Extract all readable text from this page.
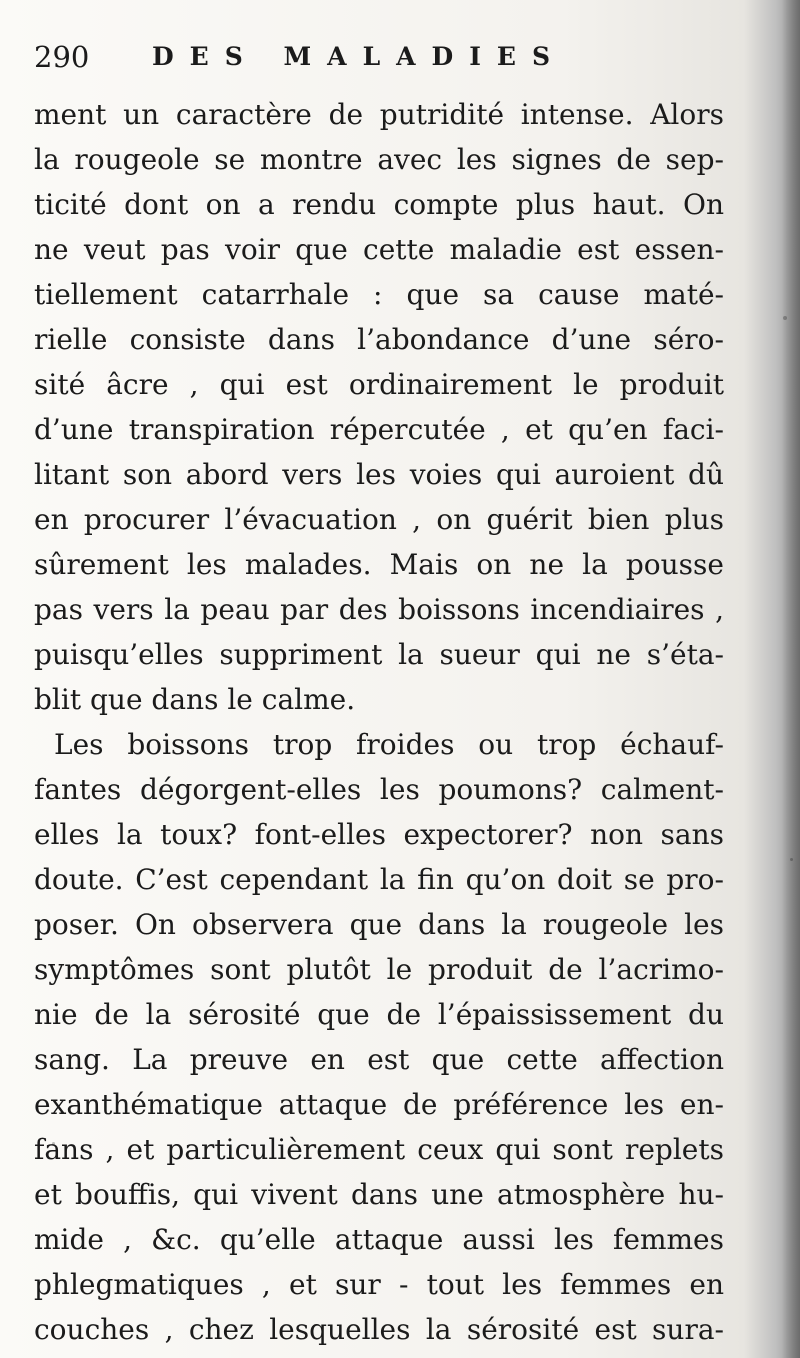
290	DES MALADIES
ment un caractère de putridité intense. Alors
la rougeole se montre avec les signes de sep-
ticité dont on a rendu compte plus haut. On
ne veut pas voir que cette maladie est essen-
tiellement catarrhale : que sa cause maté-
rielle consiste dans l’abondance d’une séro-
sité âcre , qui est ordinairement le produit
d’une transpiration répercutée , et qu’en faci-
litant son abord vers les voies qui auroient dû
en procurer l’évacuation , on guérit bien plus
sûrement les malades. Mais on ne la pousse
pas vers la peau par des boissons incendiaires ,
puisqu’elles suppriment la sueur qui ne s’éta-
blit que dans le calme.
Les boissons trop froides ou trop échauf-
fantes dégorgent-elles les poumons? calment-
elles la toux? font-elles expectorer? non sans
doute. C’est cependant la fin qu’on doit se pro-
poser. On observera que dans la rougeole les
symptômes sont plutôt le produit de l’acrimo-
nie de la sérosité que de l’épaississement du
sang. La preuve en est que cette affection
exanthématique attaque de préférence les en-
fans , et particulièrement ceux qui sont replets
et bouffis, qui vivent dans une atmosphère hu-
mide , &c. qu’elle attaque aussi les femmes
phlegmatiques , et sur - tout les femmes en
couches , chez lesquelles la sérosité est sura-
